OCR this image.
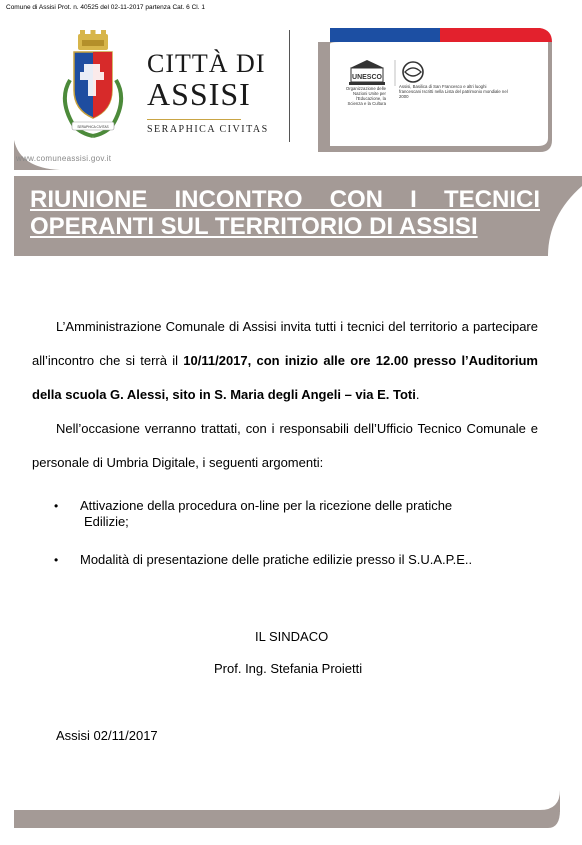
Comune di Assisi Prot. n. 40525 del 02-11-2017 partenza Cat. 6 Cl. 1
SERAPHICA CIVITAS
CITTÀ DI
ASSISI
SERAPHICA CIVITAS
www.comuneassisi.gov.it
UNESCO
Organizzazione delle Nazioni Unite per l'Educazione, la Scienza e la Cultura
Assisi, Basilica di San Francesco e altri luoghi francescani Iscritti nella Lista del patrimonio mondiale nel 2000
RIUNIONE INCONTRO CON I TECNICI
OPERANTI SUL TERRITORIO DI ASSISI

L’Amministrazione Comunale di Assisi invita tutti i tecnici del territorio a partecipare all’incontro che si terrà il 10/11/2017, con inizio alle ore 12.00 presso l’Auditorium della scuola G. Alessi, sito in S. Maria degli Angeli – via E. Toti.

Nell’occasione verranno trattati, con i responsabili dell’Ufficio Tecnico Comunale e personale di Umbria Digitale, i seguenti argomenti:

• Attivazione della procedura on-line per la ricezione delle pratiche
Edilizie;
• Modalità di presentazione delle pratiche edilizie presso il S.U.A.P.E..
IL SINDACO
Prof. Ing. Stefania Proietti
Assisi 02/11/2017
